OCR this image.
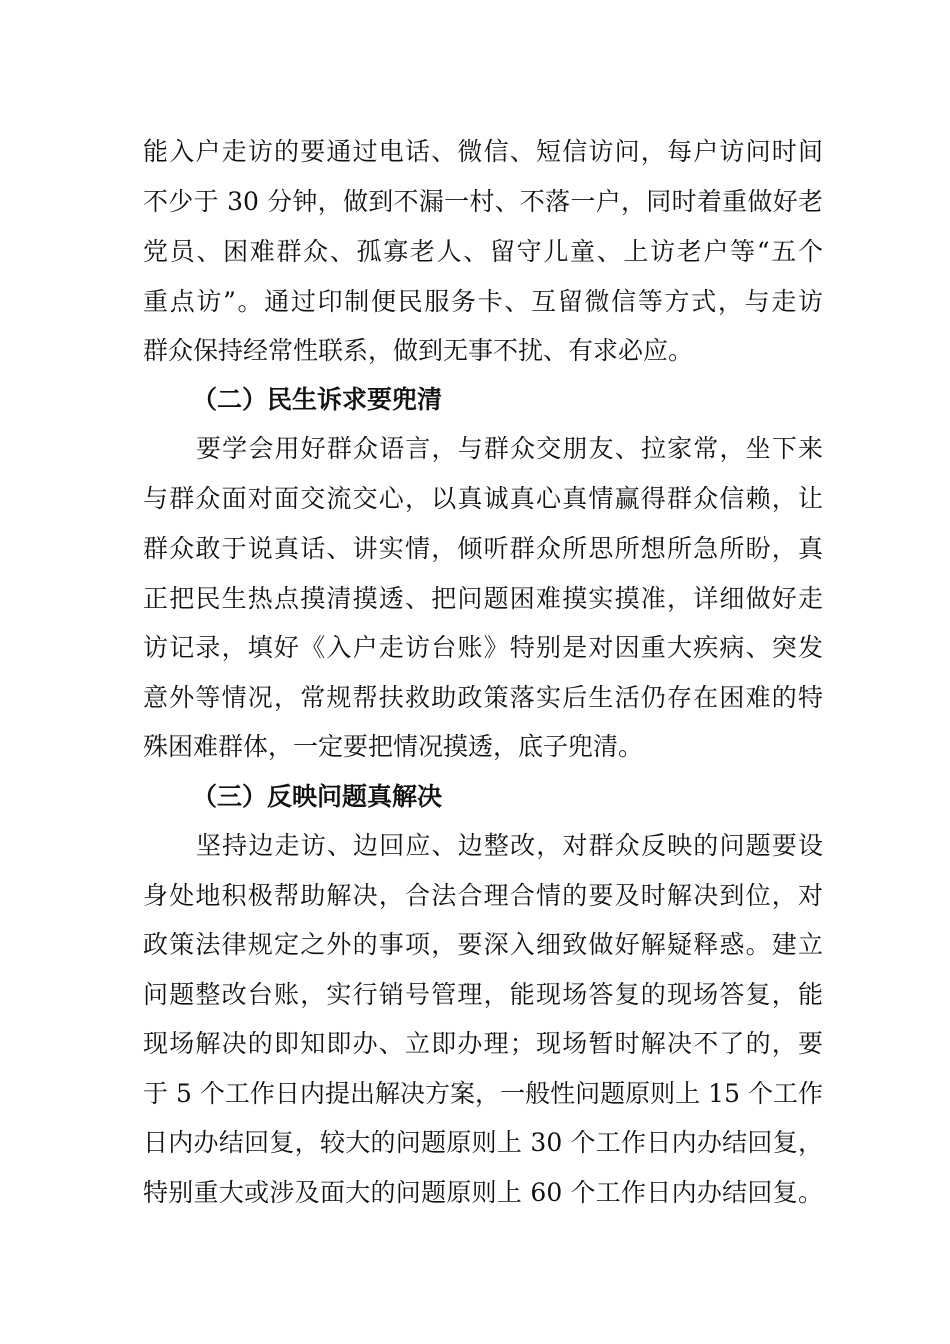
能入户走访的要通过电话、微信、短信访问，每户访问时间
不少于 30 分钟，做到不漏一村、不落一户，同时着重做好老
党员、困难群众、孤寡老人、留守儿童、上访老户等“五个
重点访”。通过印制便民服务卡、互留微信等方式，与走访
群众保持经常性联系，做到无事不扰、有求必应。
（二）民生诉求要兜清
要学会用好群众语言，与群众交朋友、拉家常，坐下来
与群众面对面交流交心，以真诚真心真情赢得群众信赖，让
群众敢于说真话、讲实情，倾听群众所思所想所急所盼，真
正把民生热点摸清摸透、把问题困难摸实摸准，详细做好走
访记录，填好《入户走访台账》特别是对因重大疾病、突发
意外等情况，常规帮扶救助政策落实后生活仍存在困难的特
殊困难群体，一定要把情况摸透，底子兜清。
（三）反映问题真解决
坚持边走访、边回应、边整改，对群众反映的问题要设
身处地积极帮助解决，合法合理合情的要及时解决到位，对
政策法律规定之外的事项，要深入细致做好解疑释惑。建立
问题整改台账，实行销号管理，能现场答复的现场答复，能
现场解决的即知即办、立即办理；现场暂时解决不了的，要
于 5 个工作日内提出解决方案，一般性问题原则上 15 个工作
日内办结回复，较大的问题原则上 30 个工作日内办结回复，
特别重大或涉及面大的问题原则上 60 个工作日内办结回复。
